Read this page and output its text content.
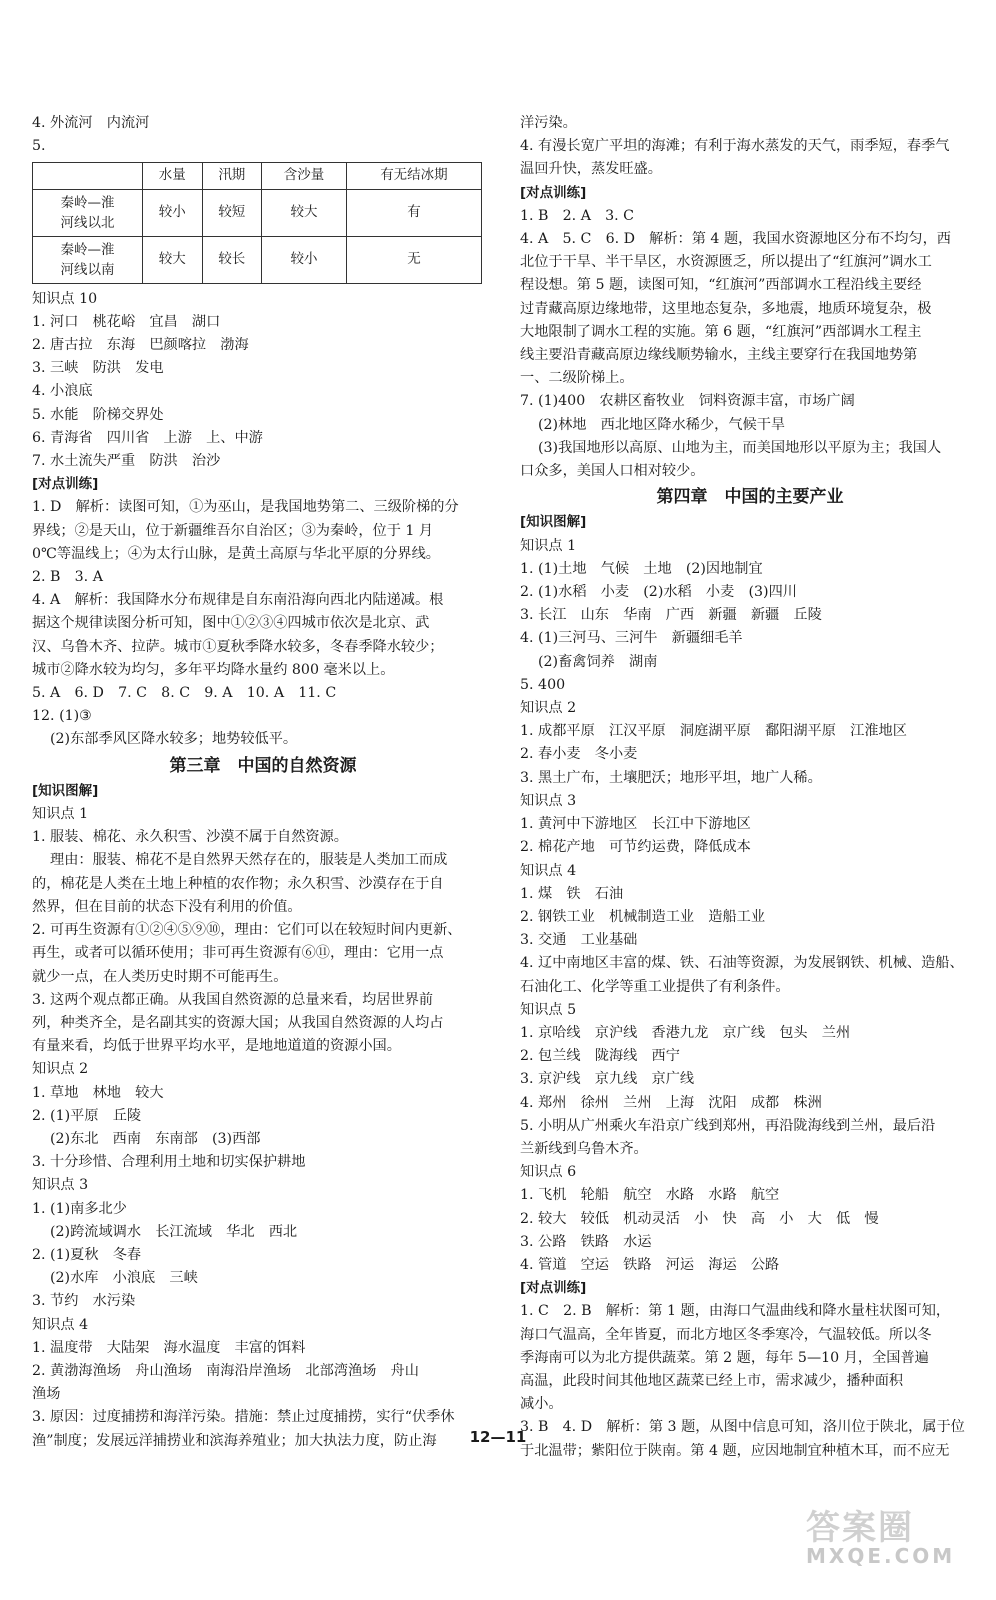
4. 外流河　内流河
5.
	水量	汛期	含沙量	有无结冰期
秦岭—淮
河线以北	较小	较短	较大	有
秦岭—淮
河线以南	较大	较长	较小	无
知识点 10
1. 河口　桃花峪　宜昌　湖口
2. 唐古拉　东海　巴颜喀拉　渤海
3. 三峡　防洪　发电
4. 小浪底
5. 水能　阶梯交界处
6. 青海省　四川省　上游　上、中游
7. 水土流失严重　防洪　治沙
[对点训练]
1. D　解析：读图可知，①为巫山，是我国地势第二、三级阶梯的分
界线；②是天山，位于新疆维吾尔自治区；③为秦岭，位于 1 月
0℃等温线上；④为太行山脉，是黄土高原与华北平原的分界线。
2. B　3. A
4. A　解析：我国降水分布规律是自东南沿海向西北内陆递减。根
据这个规律读图分析可知，图中①②③④四城市依次是北京、武
汉、乌鲁木齐、拉萨。城市①夏秋季降水较多，冬春季降水较少；
城市②降水较为均匀，多年平均降水量约 800 毫米以上。
5. A　6. D　7. C　8. C　9. A　10. A　11. C
12. (1)③
(2)东部季风区降水较多；地势较低平。
第三章　中国的自然资源
[知识图解]
知识点 1
1. 服装、棉花、永久积雪、沙漠不属于自然资源。
理由：服装、棉花不是自然界天然存在的，服装是人类加工而成
的，棉花是人类在土地上种植的农作物；永久积雪、沙漠存在于自
然界，但在目前的状态下没有利用的价值。
2. 可再生资源有①②④⑤⑨⑩，理由：它们可以在较短时间内更新、
再生，或者可以循环使用；非可再生资源有⑥⑪，理由：它用一点
就少一点，在人类历史时期不可能再生。
3. 这两个观点都正确。从我国自然资源的总量来看，均居世界前
列，种类齐全，是名副其实的资源大国；从我国自然资源的人均占
有量来看，均低于世界平均水平，是地地道道的资源小国。
知识点 2
1. 草地　林地　较大
2. (1)平原　丘陵
(2)东北　西南　东南部　(3)西部
3. 十分珍惜、合理利用土地和切实保护耕地
知识点 3
1. (1)南多北少
(2)跨流域调水　长江流域　华北　西北
2. (1)夏秋　冬春
(2)水库　小浪底　三峡
3. 节约　水污染
知识点 4
1. 温度带　大陆架　海水温度　丰富的饵料
2. 黄渤海渔场　舟山渔场　南海沿岸渔场　北部湾渔场　舟山
渔场
3. 原因：过度捕捞和海洋污染。措施：禁止过度捕捞，实行“伏季休
渔”制度；发展远洋捕捞业和滨海养殖业；加大执法力度，防止海
洋污染。
4. 有漫长宽广平坦的海滩；有利于海水蒸发的天气，雨季短，春季气
温回升快，蒸发旺盛。
[对点训练]
1. B　2. A　3. C
4. A　5. C　6. D　解析：第 4 题，我国水资源地区分布不均匀，西
北位于干旱、半干旱区，水资源匮乏，所以提出了“红旗河”调水工
程设想。第 5 题，读图可知，“红旗河”西部调水工程沿线主要经
过青藏高原边缘地带，这里地态复杂，多地震，地质环境复杂，极
大地限制了调水工程的实施。第 6 题，“红旗河”西部调水工程主
线主要沿青藏高原边缘线顺势输水，主线主要穿行在我国地势第
一、二级阶梯上。
7. (1)400　农耕区畜牧业　饲料资源丰富，市场广阔
(2)林地　西北地区降水稀少，气候干旱
(3)我国地形以高原、山地为主，而美国地形以平原为主；我国人
口众多，美国人口相对较少。
第四章　中国的主要产业
[知识图解]
知识点 1
1. (1)土地　气候　土地　(2)因地制宜
2. (1)水稻　小麦　(2)水稻　小麦　(3)四川
3. 长江　山东　华南　广西　新疆　新疆　丘陵
4. (1)三河马、三河牛　新疆细毛羊
(2)畜禽饲养　湖南
5. 400
知识点 2
1. 成都平原　江汉平原　洞庭湖平原　鄱阳湖平原　江淮地区
2. 春小麦　冬小麦
3. 黑土广布，土壤肥沃；地形平坦，地广人稀。
知识点 3
1. 黄河中下游地区　长江中下游地区
2. 棉花产地　可节约运费，降低成本
知识点 4
1. 煤　铁　石油
2. 钢铁工业　机械制造工业　造船工业
3. 交通　工业基础
4. 辽中南地区丰富的煤、铁、石油等资源，为发展钢铁、机械、造船、
石油化工、化学等重工业提供了有利条件。
知识点 5
1. 京哈线　京沪线　香港九龙　京广线　包头　兰州
2. 包兰线　陇海线　西宁
3. 京沪线　京九线　京广线
4. 郑州　徐州　兰州　上海　沈阳　成都　株洲
5. 小明从广州乘火车沿京广线到郑州，再沿陇海线到兰州，最后沿
兰新线到乌鲁木齐。
知识点 6
1. 飞机　轮船　航空　水路　水路　航空
2. 较大　较低　机动灵活　小　快　高　小　大　低　慢
3. 公路　铁路　水运
4. 管道　空运　铁路　河运　海运　公路
[对点训练]
1. C　2. B　解析：第 1 题，由海口气温曲线和降水量柱状图可知，
海口气温高，全年皆夏，而北方地区冬季寒冷，气温较低。所以冬
季海南可以为北方提供蔬菜。第 2 题，每年 5—10 月，全国普遍
高温，此段时间其他地区蔬菜已经上市，需求减少，播种面积
减小。
3. B　4. D　解析：第 3 题，从图中信息可知，洛川位于陕北，属于位
于北温带；紫阳位于陕南。第 4 题，应因地制宜种植木耳，而不应无
12—11
答案圈
MXQE.COM
